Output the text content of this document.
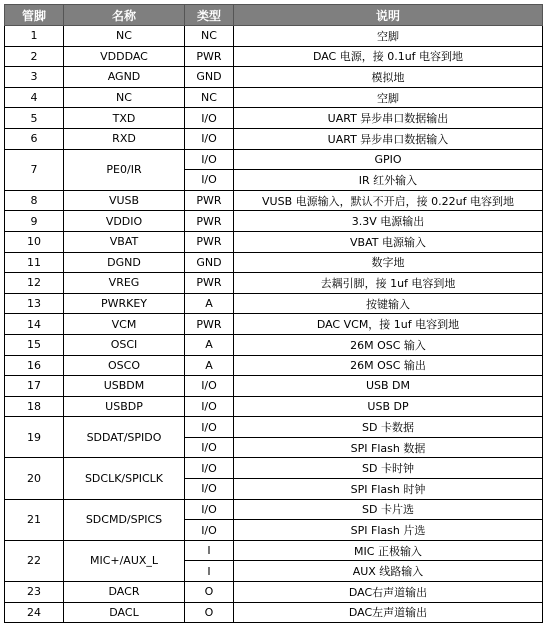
管脚	名称	类型	说明
1	NC	NC	空脚
2	VDDDAC	PWR	DAC 电源，接 0.1uf 电容到地
3	AGND	GND	模拟地
4	NC	NC	空脚
5	TXD	I/O	UART 异步串口数据输出
6	RXD	I/O	UART 异步串口数据输入
7	PE0/IR	I/O	GPIO
		I/O	IR 红外输入
8	VUSB	PWR	VUSB 电源输入，默认不开启，接 0.22uf 电容到地
9	VDDIO	PWR	3.3V 电源输出
10	VBAT	PWR	VBAT 电源输入
11	DGND	GND	数字地
12	VREG	PWR	去耦引脚，接 1uf 电容到地
13	PWRKEY	A	按键输入
14	VCM	PWR	DAC VCM，接 1uf 电容到地
15	OSCI	A	26M OSC 输入
16	OSCO	A	26M OSC 输出
17	USBDM	I/O	USB DM
18	USBDP	I/O	USB DP
19	SDDAT/SPIDO	I/O	SD 卡数据
		I/O	SPI Flash 数据
20	SDCLK/SPICLK	I/O	SD 卡时钟
		I/O	SPI Flash 时钟
21	SDCMD/SPICS	I/O	SD 卡片选
		I/O	SPI Flash 片选
22	MIC+/AUX_L	I	MIC 正极输入
		I	AUX 线路输入
23	DACR	O	DAC右声道输出
24	DACL	O	DAC左声道输出
